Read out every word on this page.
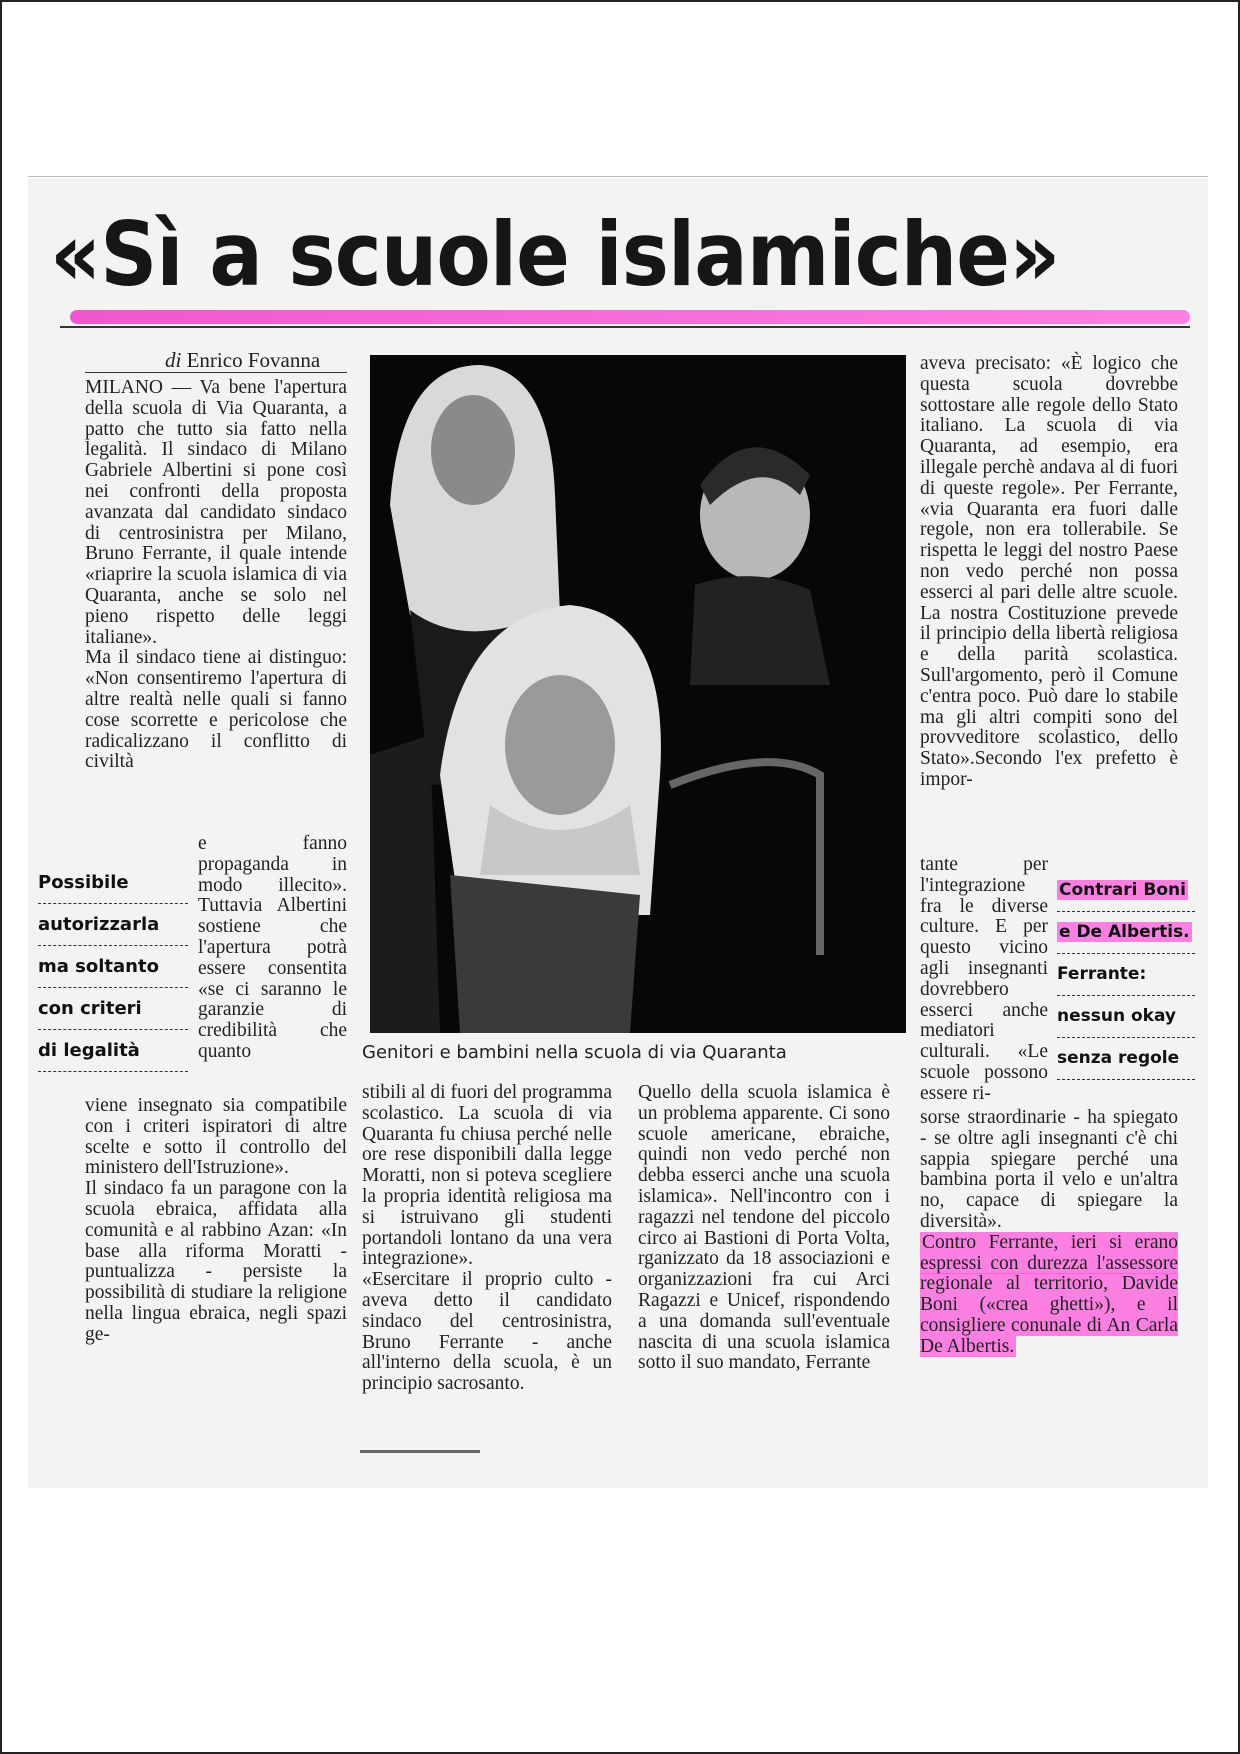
«Sì a scuole islamiche»
di Enrico Fovanna

MILANO — Va bene l'apertura della scuola di Via Quaranta, a patto che tutto sia fatto nella legalità. Il sindaco di Milano Gabriele Albertini si pone così nei confronti della proposta avanzata dal candidato sindaco di centrosinistra per Milano, Bruno Ferrante, il quale intende «riaprire la scuola islamica di via Quaranta, anche se solo nel pieno rispetto delle leggi italiane».

Ma il sindaco tiene ai distinguo: «Non consentiremo l'apertura di altre realtà nelle quali si fanno cose scorrette e pericolose che radicalizzano il conflitto di civiltà

e fanno propaganda in modo illecito». Tuttavia Albertini sostiene che l'apertura potrà essere consentita «se ci saranno le garanzie di credibilità che quanto

viene insegnato sia compatibile con i criteri ispiratori di altre scelte e sotto il controllo del ministero dell'Istruzione».

Il sindaco fa un paragone con la scuola ebraica, affidata alla comunità e al rabbino Azan: «In base alla riforma Moratti - puntualizza - persiste la possibilità di studiare la religione nella lingua ebraica, negli spazi ge-

Possibile
autorizzarla
ma soltanto
con criteri
di legalità	Genitori e bambini nella scuola di via Quaranta

stibili al di fuori del programma scolastico. La scuola di via Quaranta fu chiusa perché nelle ore rese disponibili dalla legge Moratti, non si poteva scegliere la propria identità religiosa ma si istruivano gli studenti portandoli lontano da una vera integrazione».

«Esercitare il proprio culto - aveva detto il candidato sindaco del centrosinistra, Bruno Ferrante - anche all'interno della scuola, è un principio sacrosanto.

Quello della scuola islamica è un problema apparente. Ci sono scuole americane, ebraiche, quindi non vedo perché non debba esserci anche una scuola islamica». Nell'incontro con i ragazzi nel tendone del piccolo circo ai Bastioni di Porta Volta, rganizzato da 18 associazioni e organizzazioni fra cui Arci Ragazzi e Unicef, rispondendo a una domanda sull'eventuale nascita di una scuola islamica sotto il suo mandato, Ferrante

aveva precisato: «È logico che questa scuola dovrebbe sottostare alle regole dello Stato italiano. La scuola di via Quaranta, ad esempio, era illegale perchè andava al di fuori di queste regole». Per Ferrante, «via Quaranta era fuori dalle regole, non era tollerabile. Se rispetta le leggi del nostro Paese non vedo perché non possa esserci al pari delle altre scuole. La nostra Costituzione prevede il principio della libertà religiosa e della parità scolastica. Sull'argomento, però il Comune c'entra poco. Può dare lo stabile ma gli altri compiti sono del provveditore scolastico, dello Stato».Secondo l'ex prefetto è impor-

tante per l'integrazione fra le diverse culture. E per questo vicino agli insegnanti dovrebbero esserci anche mediatori culturali. «Le scuole possono essere ri-

sorse straordinarie - ha spiegato - se oltre agli insegnanti c'è chi sappia spiegare perché una bambina porta il velo e un'altra no, capace di spiegare la diversità».

Contro Ferrante, ieri si erano espressi con durezza l'assessore regionale al territorio, Davide Boni («crea ghetti»), e il consigliere conunale di An Carla De Albertis.

Contrari Boni
e De Albertis.
Ferrante:
nessun okay
senza regole
